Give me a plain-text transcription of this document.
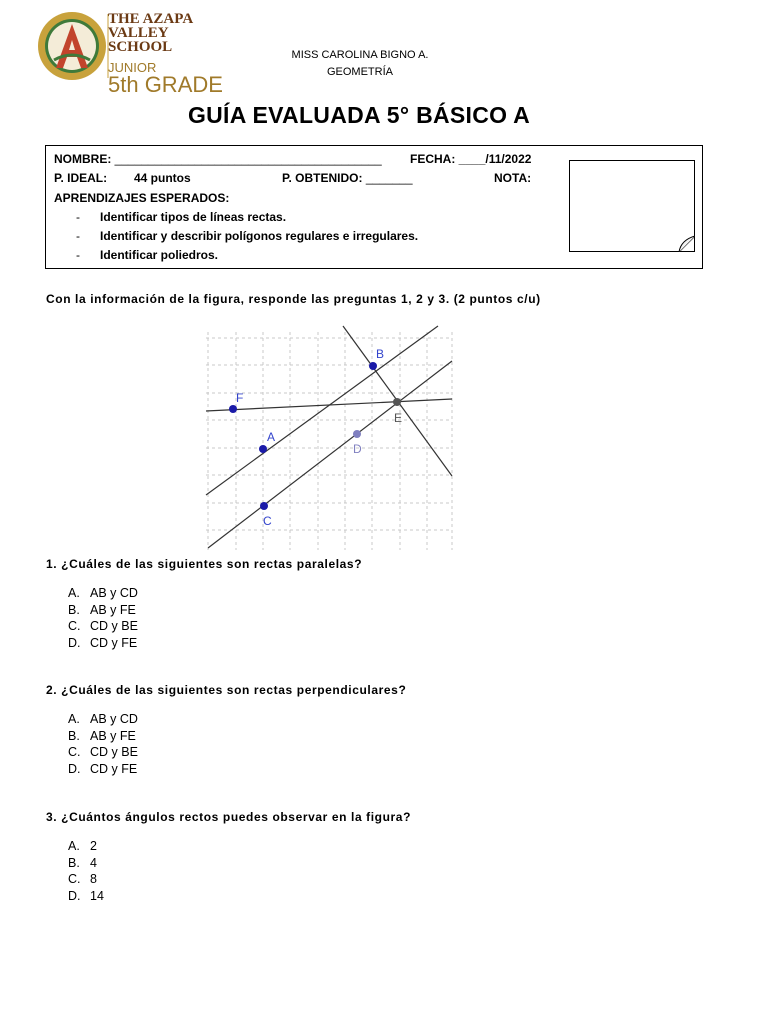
THE AZAPA
VALLEY SCHOOL
JUNIOR
5th GRADE
MISS CAROLINA BIGNO A.
GEOMETRÍA
GUÍA EVALUADA 5° BÁSICO A
NOMBRE: ________________________________________ FECHA: ____/11/2022
P. IDEAL: 44 puntos	P. OBTENIDO: _______	NOTA:
APRENDIZAJES ESPERADOS:
- Identificar tipos de líneas rectas.
- Identificar y describir polígonos regulares e irregulares.
- Identificar poliedros.
Con la información de la figura, responde las preguntas 1, 2 y 3. (2 puntos c/u)
B
F
E
A
D
C
1. ¿Cuáles de las siguientes son rectas paralelas?
A. AB y CD
B. AB y FE
C. CD y BE
D. CD y FE
2. ¿Cuáles de las siguientes son rectas perpendiculares?
A. AB y CD
B. AB y FE
C. CD y BE
D. CD y FE
3. ¿Cuántos ángulos rectos puedes observar en la figura?
A. 2
B. 4
C. 8
D. 14
